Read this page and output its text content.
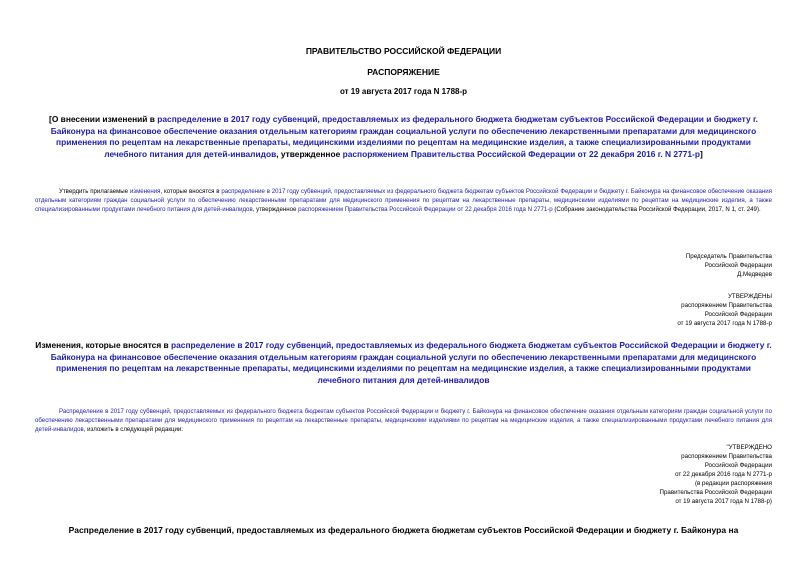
ПРАВИТЕЛЬСТВО РОССИЙСКОЙ ФЕДЕРАЦИИ
РАСПОРЯЖЕНИЕ
от 19 августа 2017 года N 1788-р
[О внесении изменений в распределение в 2017 году субвенций, предоставляемых из федерального бюджета бюджетам субъектов Российской Федерации и бюджету г. Байконура на финансовое обеспечение оказания отдельным категориям граждан социальной услуги по обеспечению лекарственными препаратами для медицинского применения по рецептам на лекарственные препараты, медицинскими изделиями по рецептам на медицинские изделия, а также специализированными продуктами лечебного питания для детей-инвалидов, утвержденное распоряжением Правительства Российской Федерации от 22 декабря 2016 г. N 2771-р]
Утвердить прилагаемые изменения, которые вносятся в распределение в 2017 году субвенций, предоставляемых из федерального бюджета бюджетам субъектов Российской Федерации и бюджету г. Байконура на финансовое обеспечение оказания отдельным категориям граждан социальной услуги по обеспечению лекарственными препаратами для медицинского применения по рецептам на лекарственные препараты, медицинскими изделиями по рецептам на медицинские изделия, а также специализированными продуктами лечебного питания для детей-инвалидов, утвержденное распоряжением Правительства Российской Федерации от 22 декабря 2016 года N 2771-р (Собрание законодательства Российской Федерации, 2017, N 1, ст. 249).
Председатель Правительства
Российской Федерации
Д.Медведев
УТВЕРЖДЕНЫ
распоряжением Правительства
Российской Федерации
от 19 августа 2017 года N 1788-р
Изменения, которые вносятся в распределение в 2017 году субвенций, предоставляемых из федерального бюджета бюджетам субъектов Российской Федерации и бюджету г. Байконура на финансовое обеспечение оказания отдельным категориям граждан социальной услуги по обеспечению лекарственными препаратами для медицинского применения по рецептам на лекарственные препараты, медицинскими изделиями по рецептам на медицинские изделия, а также специализированными продуктами лечебного питания для детей-инвалидов
Распределение в 2017 году субвенций, предоставляемых из федерального бюджета бюджетам субъектов Российской Федерации и бюджету г. Байконура на финансовое обеспечение оказания отдельным категориям граждан социальной услуги по обеспечению лекарственными препаратами для медицинского применения по рецептам на лекарственные препараты, медицинскими изделиями по рецептам на медицинские изделия, а также специализированными продуктами лечебного питания для детей-инвалидов, изложить в следующей редакции:
"УТВЕРЖДЕНО
распоряжением Правительства
Российской Федерации
от 22 декабря 2016 года N 2771-р
(в редакции распоряжения
Правительства Российской Федерации
от 19 августа 2017 года N 1788-р)
Распределение в 2017 году субвенций, предоставляемых из федерального бюджета бюджетам субъектов Российской Федерации и бюджету г. Байконура на
